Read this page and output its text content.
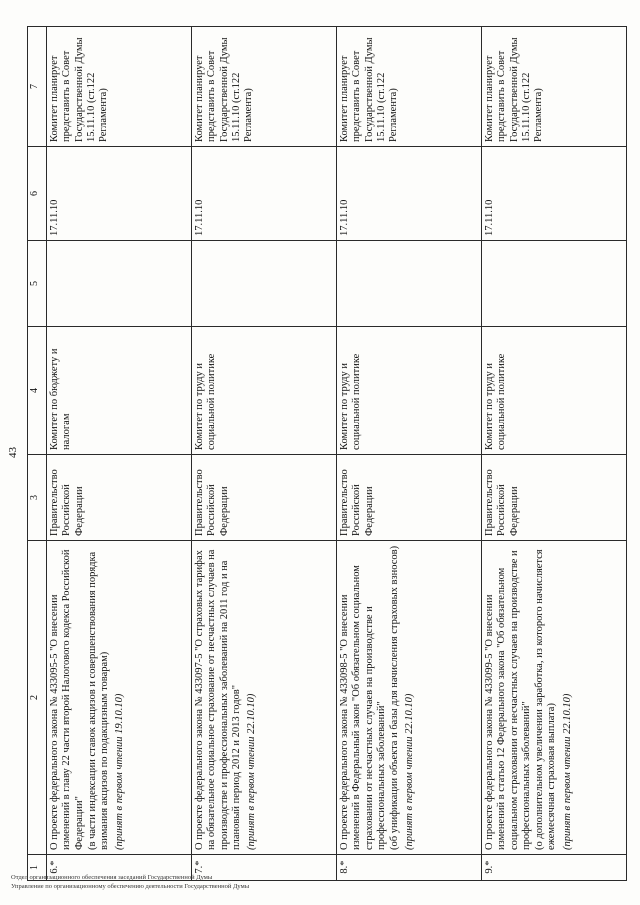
43
1	2	3	4	5	6	7
6.*	О проекте федерального закона № 433095-5 "О внесении изменений в главу 22 части второй Налогового кодекса Российской Федерации" (в части индексации ставок акцизов и совершенствования порядка взимания акцизов по подакцизным товарам) (принят в первом чтении 19.10.10)	Правительство Российской Федерации	Комитет по бюджету и налогам		17.11.10	Комитет планирует представить в Совет Государственной Думы 15.11.10 (ст.122 Регламента)
7.*	О проекте федерального закона № 433097-5 "О страховых тарифах на обязательное социальное страхование от несчастных случаев на производстве и профессиональных заболеваний на 2011 год и на плановый период 2012 и 2013 годов" (принят в первом чтении 22.10.10)	Правительство Российской Федерации	Комитет по труду и социальной политике		17.11.10	Комитет планирует представить в Совет Государственной Думы 15.11.10 (ст.122 Регламента)
8.*	О проекте федерального закона № 433098-5 "О внесении изменений в Федеральный закон "Об обязательном социальном страховании от несчастных случаев на производстве и профессиональных заболеваний" (об унификации объекта и базы для начисления страховых взносов) (принят в первом чтении 22.10.10)	Правительство Российской Федерации	Комитет по труду и социальной политике		17.11.10	Комитет планирует представить в Совет Государственной Думы 15.11.10 (ст.122 Регламента)
9.*	О проекте федерального закона № 433099-5 "О внесении изменений в статью 12 Федерального закона "Об обязательном социальном страховании от несчастных случаев на производстве и профессиональных заболеваний" (о дополнительном увеличении заработка, из которого начисляется ежемесячная страховая выплата) (принят в первом чтении 22.10.10)	Правительство Российской Федерации	Комитет по труду и социальной политике		17.11.10	Комитет планирует представить в Совет Государственной Думы 15.11.10 (ст.122 Регламента)
Отдел организационного обеспечения заседаний Государственной Думы
Управление по организационному обеспечению деятельности Государственной Думы
